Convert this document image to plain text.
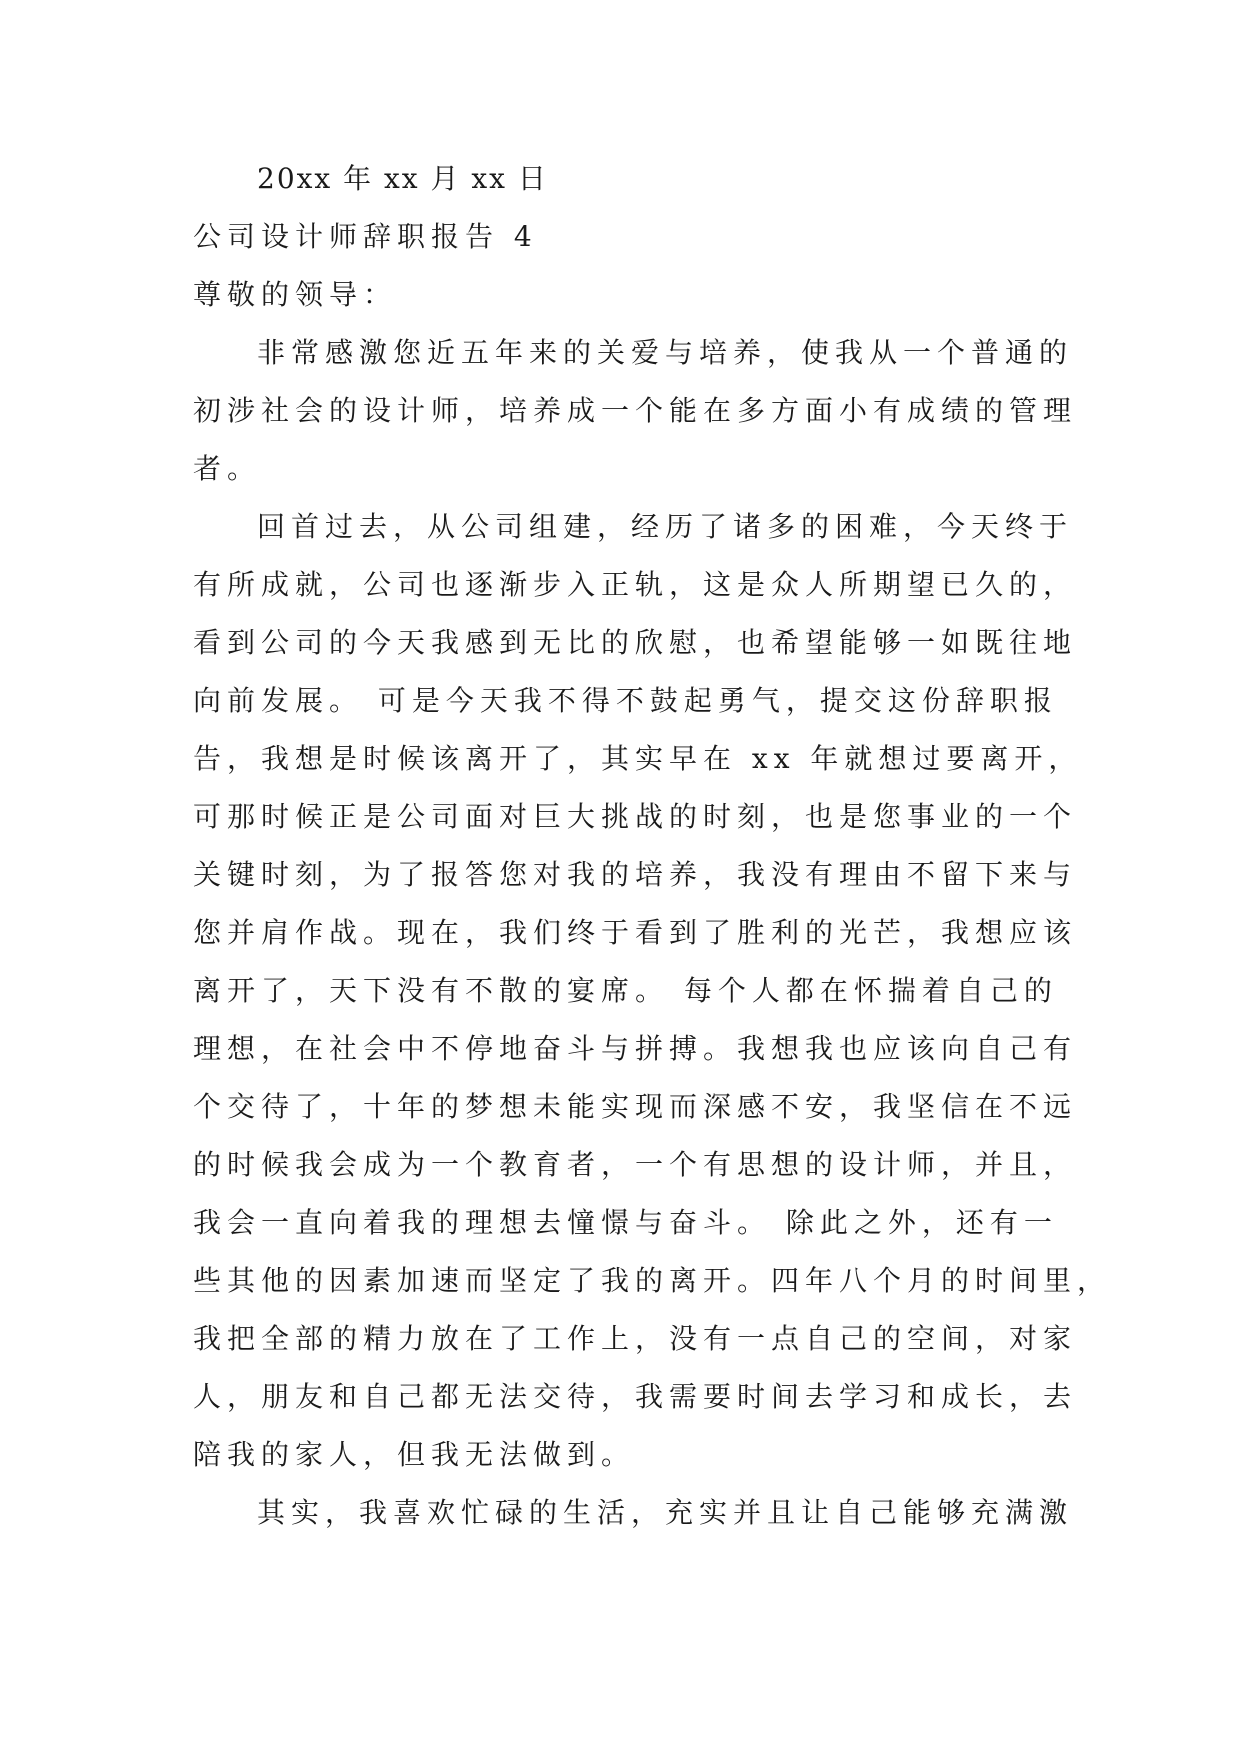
20xx 年 xx 月 xx 日
公司设计师辞职报告 4
尊敬的领导：
非常感激您近五年来的关爱与培养，使我从一个普通的
初涉社会的设计师，培养成一个能在多方面小有成绩的管理
者。
回首过去，从公司组建，经历了诸多的困难，今天终于
有所成就，公司也逐渐步入正轨，这是众人所期望已久的，
看到公司的今天我感到无比的欣慰，也希望能够一如既往地
向前发展。 可是今天我不得不鼓起勇气，提交这份辞职报
告，我想是时候该离开了，其实早在 xx 年就想过要离开，
可那时候正是公司面对巨大挑战的时刻，也是您事业的一个
关键时刻，为了报答您对我的培养，我没有理由不留下来与
您并肩作战。现在，我们终于看到了胜利的光芒，我想应该
离开了，天下没有不散的宴席。 每个人都在怀揣着自己的
理想，在社会中不停地奋斗与拼搏。我想我也应该向自己有
个交待了，十年的梦想未能实现而深感不安，我坚信在不远
的时候我会成为一个教育者，一个有思想的设计师，并且，
我会一直向着我的理想去憧憬与奋斗。 除此之外，还有一
些其他的因素加速而坚定了我的离开。四年八个月的时间里，
我把全部的精力放在了工作上，没有一点自己的空间，对家
人，朋友和自己都无法交待，我需要时间去学习和成长，去
陪我的家人，但我无法做到。
其实，我喜欢忙碌的生活，充实并且让自己能够充满激
